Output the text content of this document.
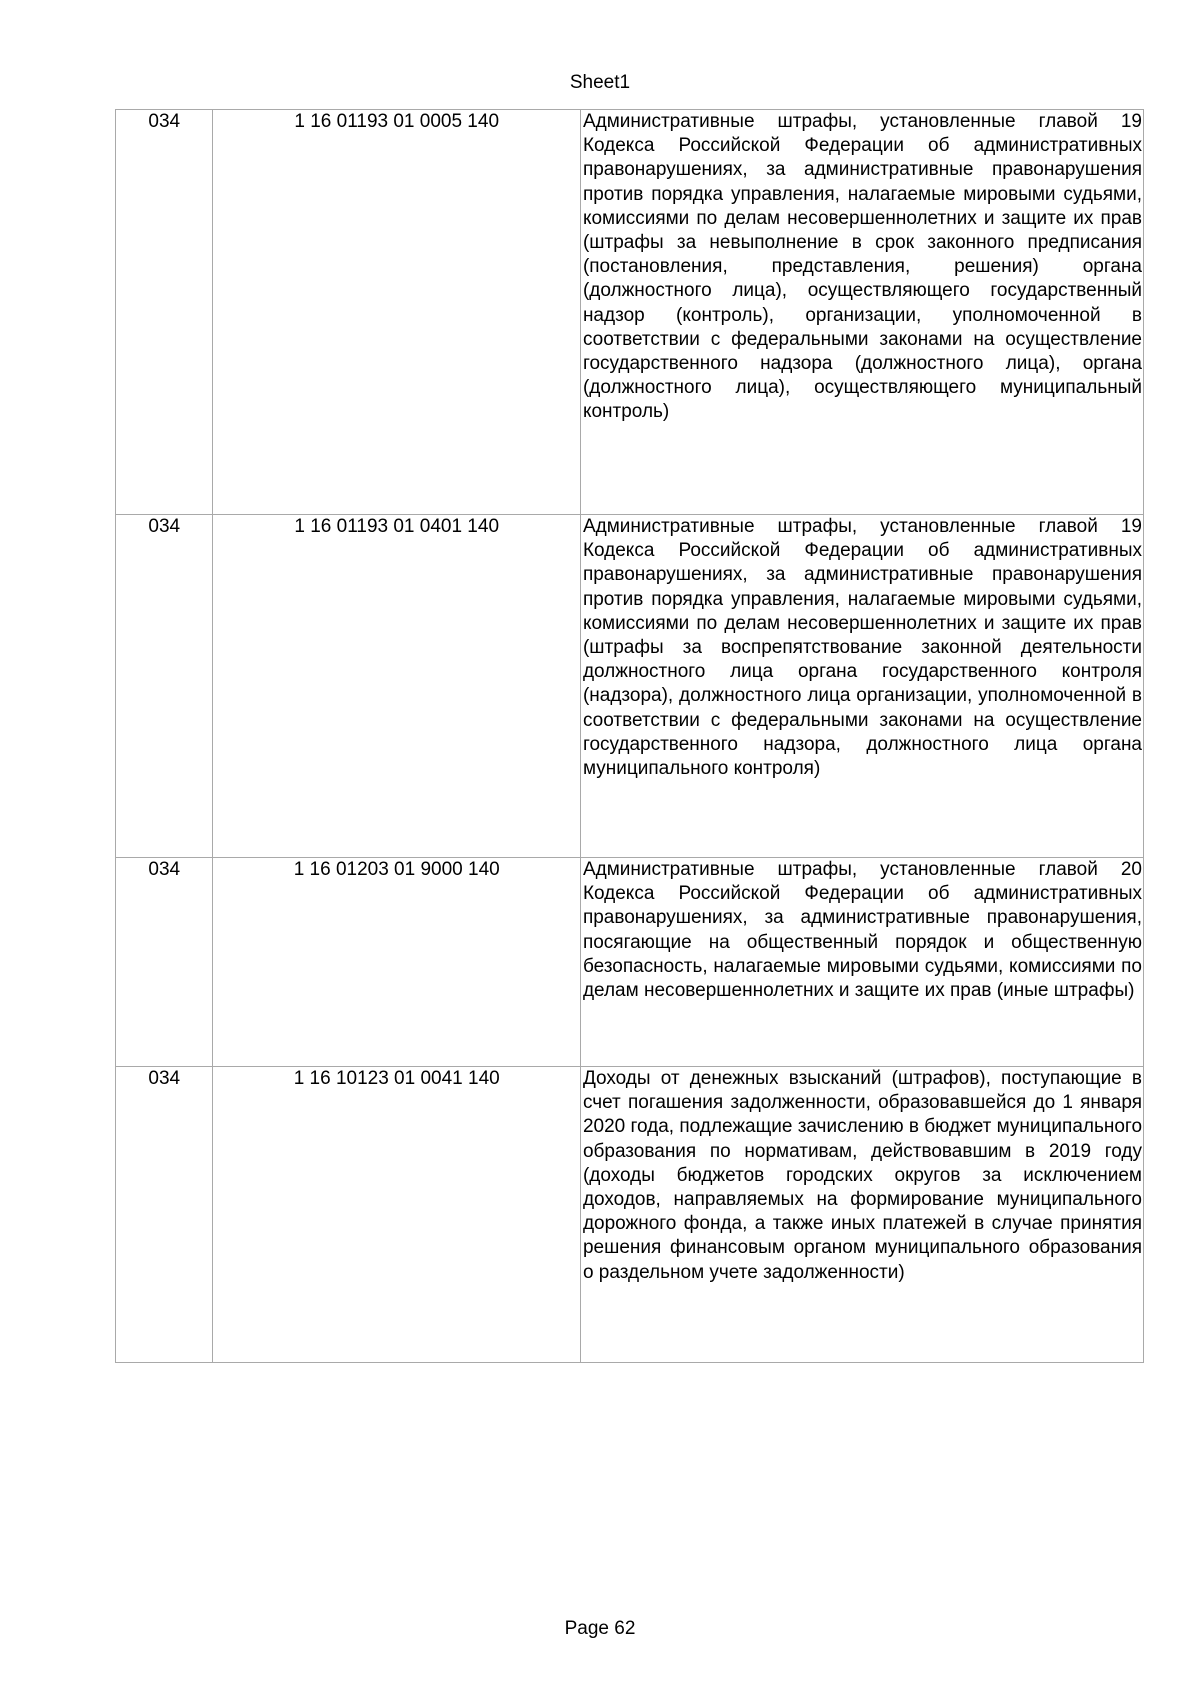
Sheet1
034	1 16 01193 01 0005 140	Административные штрафы, установленные главой 19 Кодекса Российской Федерации об административных правонарушениях, за административные правонарушения против порядка управления, налагаемые мировыми судьями, комиссиями по делам несовершеннолетних и защите их прав (штрафы за невыполнение в срок законного предписания (постановления, представления, решения) органа (должностного лица), осуществляющего государственный надзор (контроль), организации, уполномоченной в соответствии с федеральными законами на осуществление государственного надзора (должностного лица), органа (должностного лица), осуществляющего муниципальный контроль)
034	1 16 01193 01 0401 140	Административные штрафы, установленные главой 19 Кодекса Российской Федерации об административных правонарушениях, за административные правонарушения против порядка управления, налагаемые мировыми судьями, комиссиями по делам несовершеннолетних и защите их прав (штрафы за воспрепятствование законной деятельности должностного лица органа государственного контроля (надзора), должностного лица организации, уполномоченной в соответствии с федеральными законами на осуществление государственного надзора, должностного лица органа муниципального контроля)
034	1 16 01203 01 9000 140	Административные штрафы, установленные главой 20 Кодекса Российской Федерации об административных правонарушениях, за административные правонарушения, посягающие на общественный порядок и общественную безопасность, налагаемые мировыми судьями, комиссиями по делам несовершеннолетних и защите их прав (иные штрафы)
034	1 16 10123 01 0041 140	Доходы от денежных взысканий (штрафов), поступающие в счет погашения задолженности, образовавшейся до 1 января 2020 года, подлежащие зачислению в бюджет муниципального образования по нормативам, действовавшим в 2019 году (доходы бюджетов городских округов за исключением доходов, направляемых на формирование муниципального дорожного фонда, а также иных платежей в случае принятия решения финансовым органом муниципального образования о раздельном учете задолженности)
Page 62
